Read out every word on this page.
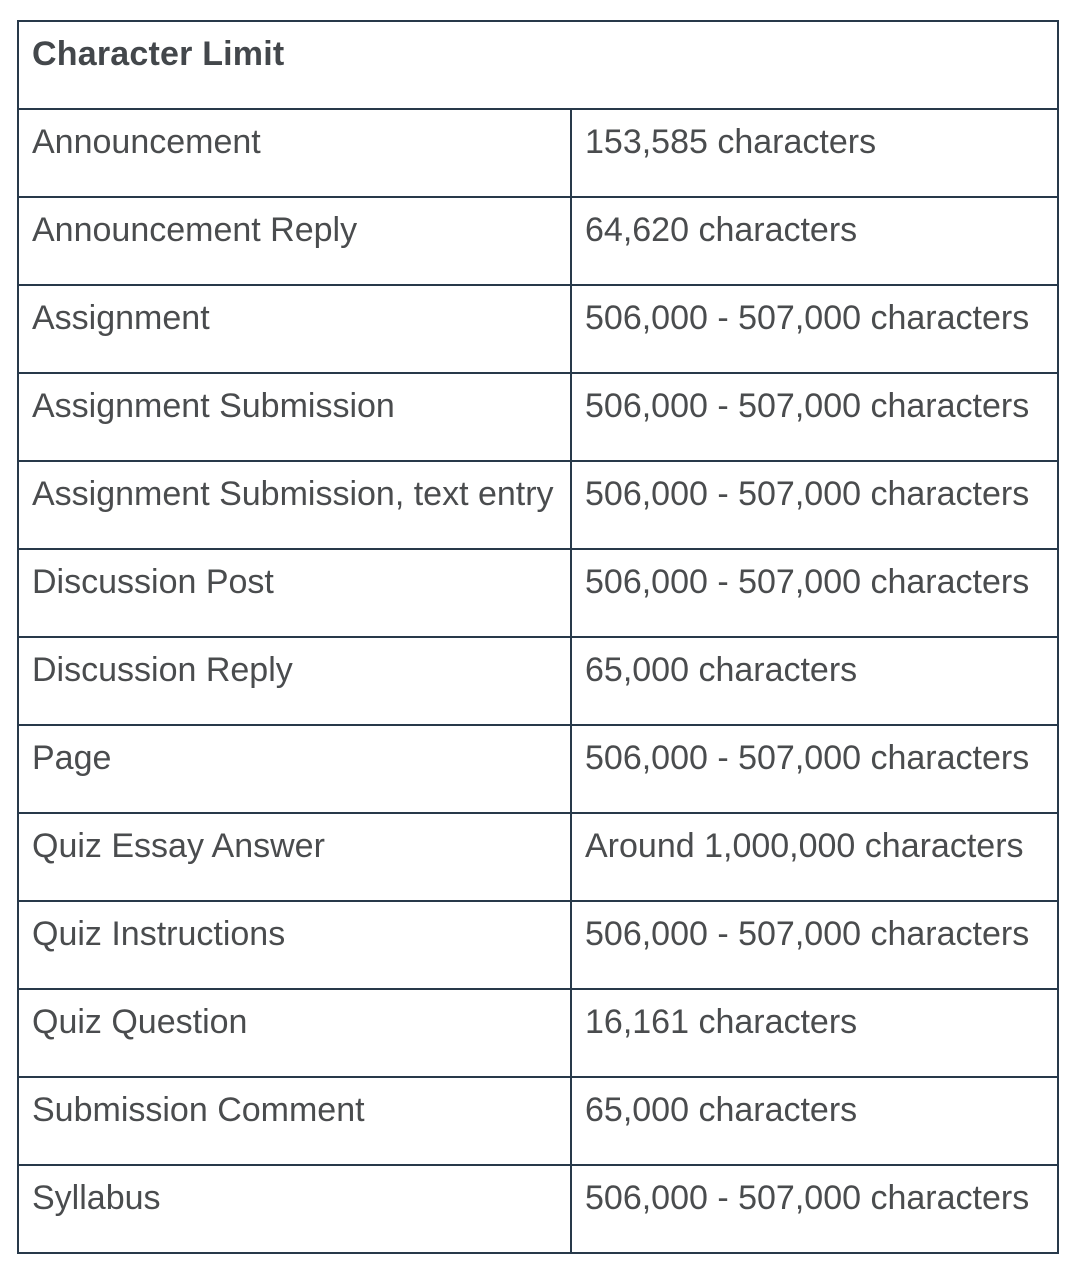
Character Limit	
Announcement	153,585 characters
Announcement Reply	64,620 characters
Assignment	506,000 - 507,000 characters
Assignment Submission	506,000 - 507,000 characters
Assignment Submission, text entry	506,000 - 507,000 characters
Discussion Post	506,000 - 507,000 characters
Discussion Reply	65,000 characters
Page	506,000 - 507,000 characters
Quiz Essay Answer	Around 1,000,000 characters
Quiz Instructions	506,000 - 507,000 characters
Quiz Question	16,161 characters
Submission Comment	65,000 characters
Syllabus	506,000 - 507,000 characters
